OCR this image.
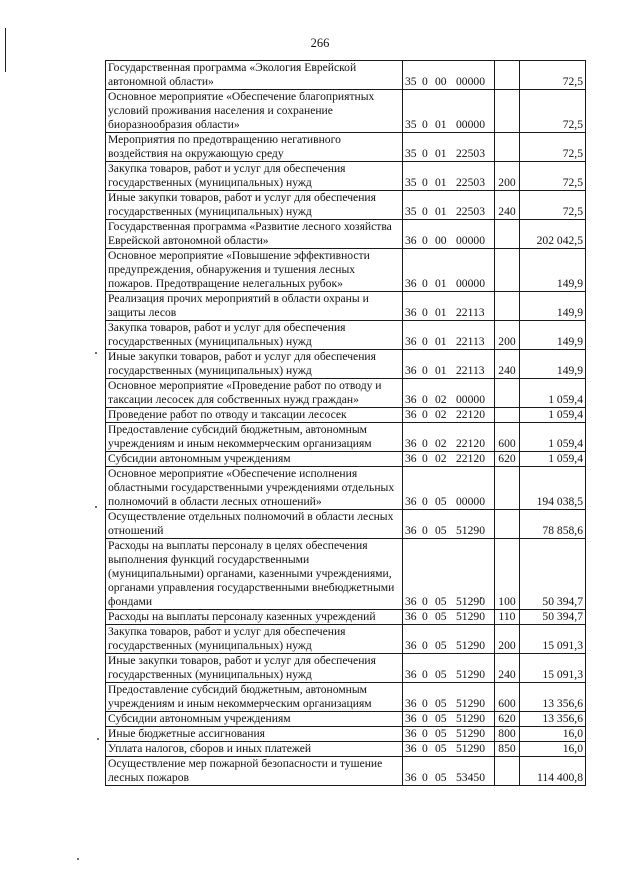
266
Государственная программа «Экология Еврейской автономной области»	35 0 00 00000		72,5
Основное мероприятие «Обеспечение благоприятных условий проживания населения и сохранение биоразнообразия области»	35 0 01 00000		72,5
Мероприятия по предотвращению негативного воздействия на окружающую среду	35 0 01 22503		72,5
Закупка товаров, работ и услуг для обеспечения государственных (муниципальных) нужд	35 0 01 22503	200	72,5
Иные закупки товаров, работ и услуг для обеспечения государственных (муниципальных) нужд	35 0 01 22503	240	72,5
Государственная программа «Развитие лесного хозяйства Еврейской автономной области»	36 0 00 00000		202 042,5
Основное мероприятие «Повышение эффективности предупреждения, обнаружения и тушения лесных пожаров. Предотвращение нелегальных рубок»	36 0 01 00000		149,9
Реализация прочих мероприятий в области охраны и защиты лесов	36 0 01 22113		149,9
Закупка товаров, работ и услуг для обеспечения государственных (муниципальных) нужд	36 0 01 22113	200	149,9
Иные закупки товаров, работ и услуг для обеспечения государственных (муниципальных) нужд	36 0 01 22113	240	149,9
Основное мероприятие «Проведение работ по отводу и таксации лесосек для собственных нужд граждан»	36 0 02 00000		1 059,4
Проведение работ по отводу и таксации лесосек	36 0 02 22120		1 059,4
Предоставление субсидий бюджетным, автономным учреждениям и иным некоммерческим организациям	36 0 02 22120	600	1 059,4
Субсидии автономным учреждениям	36 0 02 22120	620	1 059,4
Основное мероприятие «Обеспечение исполнения областными государственными учреждениями отдельных полномочий в области лесных отношений»	36 0 05 00000		194 038,5
Осуществление отдельных полномочий в области лесных отношений	36 0 05 51290		78 858,6
Расходы на выплаты персоналу в целях обеспечения выполнения функций государственными (муниципальными) органами, казенными учреждениями, органами управления государственными внебюджетными фондами	36 0 05 51290	100	50 394,7
Расходы на выплаты персоналу казенных учреждений	36 0 05 51290	110	50 394,7
Закупка товаров, работ и услуг для обеспечения государственных (муниципальных) нужд	36 0 05 51290	200	15 091,3
Иные закупки товаров, работ и услуг для обеспечения государственных (муниципальных) нужд	36 0 05 51290	240	15 091,3
Предоставление субсидий бюджетным, автономным учреждениям и иным некоммерческим организациям	36 0 05 51290	600	13 356,6
Субсидии автономным учреждениям	36 0 05 51290	620	13 356,6
Иные бюджетные ассигнования	36 0 05 51290	800	16,0
Уплата налогов, сборов и иных платежей	36 0 05 51290	850	16,0
Осуществление мер пожарной безопасности и тушение лесных пожаров	36 0 05 53450		114 400,8
